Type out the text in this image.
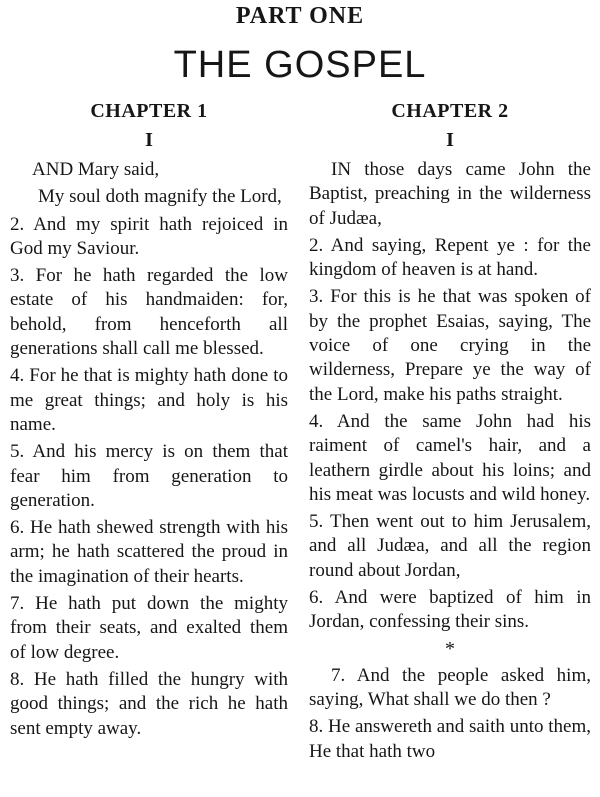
PART ONE
THE GOSPEL
CHAPTER 1
I

AND Mary said,

My soul doth magnify the Lord,

2. And my spirit hath rejoiced in God my Saviour.

3. For he hath regarded the low estate of his handmaiden: for, behold, from henceforth all generations shall call me blessed.

4. For he that is mighty hath done to me great things; and holy is his name.

5. And his mercy is on them that fear him from generation to generation.

6. He hath shewed strength with his arm; he hath scattered the proud in the imagination of their hearts.

7. He hath put down the mighty from their seats, and exalted them of low degree.

8. He hath filled the hungry with good things; and the rich he hath sent empty away.

CHAPTER 2
I

IN those days came John the Baptist, preaching in the wilderness of Judæa,

2. And saying, Repent ye : for the kingdom of heaven is at hand.

3. For this is he that was spoken of by the prophet Esaias, saying, The voice of one crying in the wilderness, Prepare ye the way of the Lord, make his paths straight.

4. And the same John had his raiment of camel's hair, and a leathern girdle about his loins; and his meat was locusts and wild honey.

5. Then went out to him Jerusalem, and all Judæa, and all the region round about Jordan,

6. And were baptized of him in Jordan, confessing their sins.

*

7. And the people asked him, saying, What shall we do then ?

8. He answereth and saith unto them, He that hath two
